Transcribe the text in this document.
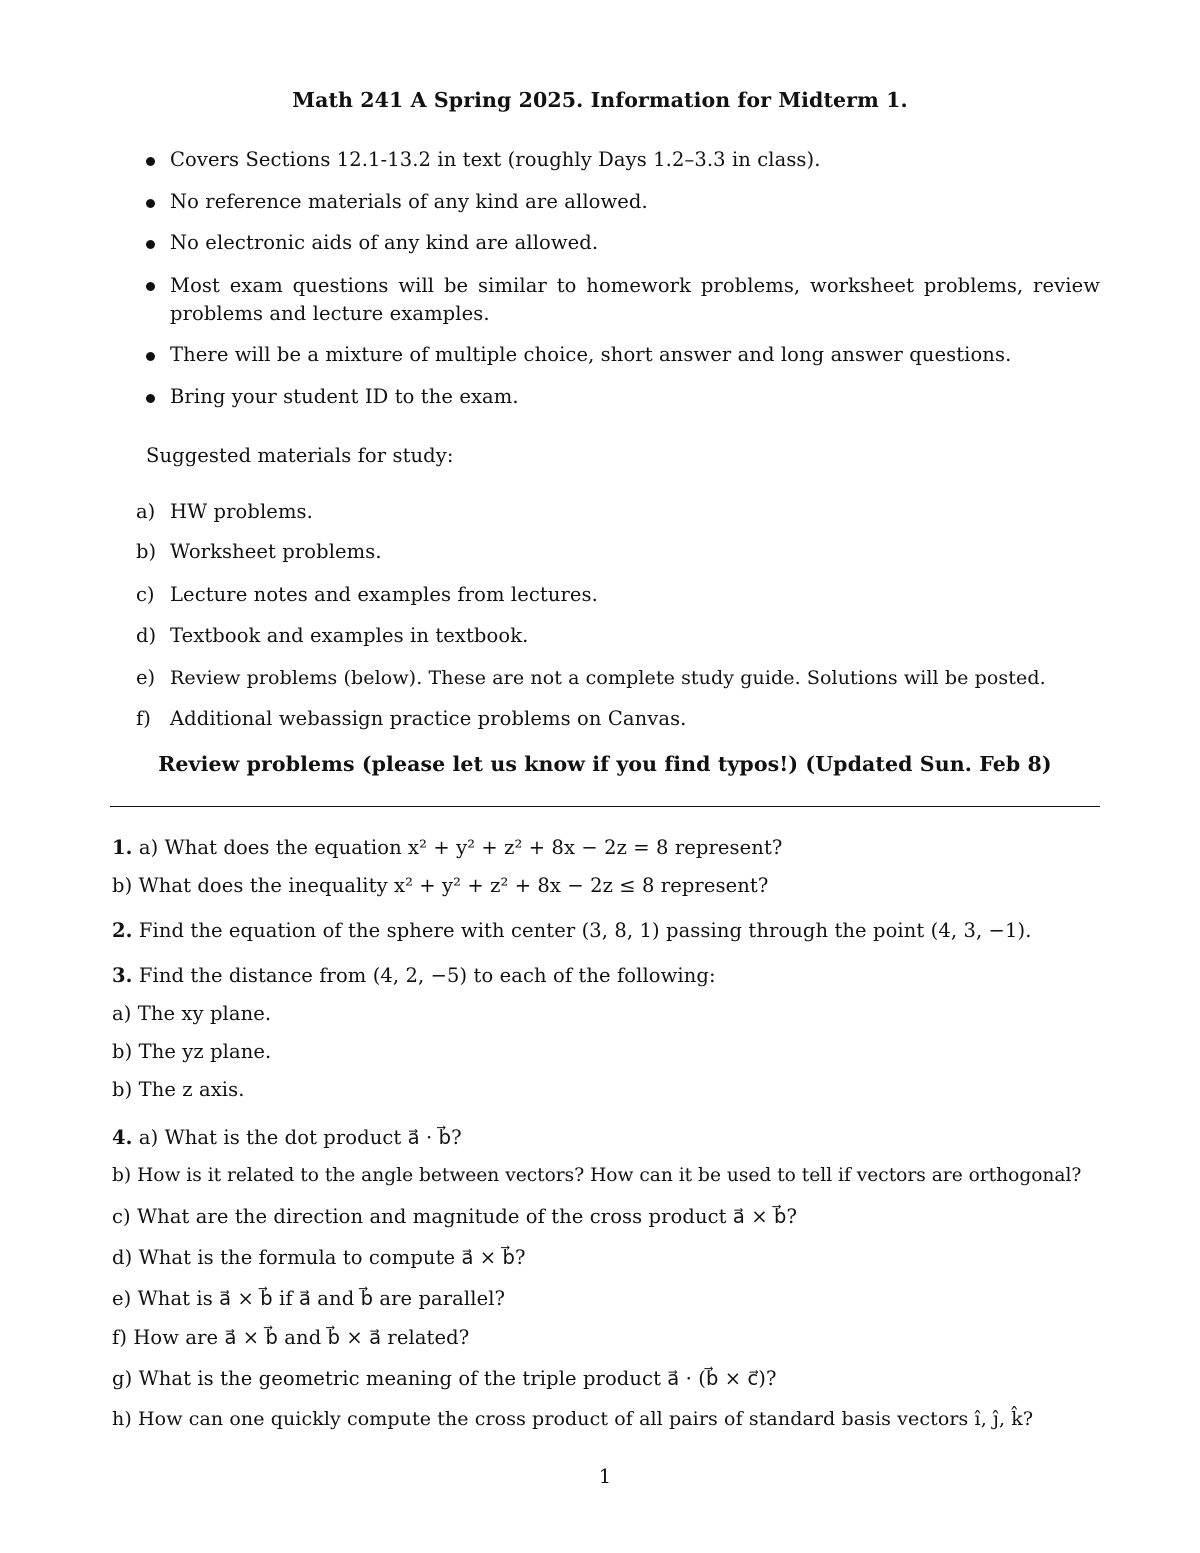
Math 241 A Spring 2025. Information for Midterm 1.
Covers Sections 12.1-13.2 in text (roughly Days 1.2–3.3 in class).
No reference materials of any kind are allowed.
No electronic aids of any kind are allowed.
Most exam questions will be similar to homework problems, worksheet problems, review problems and lecture examples.
There will be a mixture of multiple choice, short answer and long answer questions.
Bring your student ID to the exam.
Suggested materials for study:
a) HW problems.
b) Worksheet problems.
c) Lecture notes and examples from lectures.
d) Textbook and examples in textbook.
e) Review problems (below). These are not a complete study guide. Solutions will be posted.
f) Additional webassign practice problems on Canvas.
Review problems (please let us know if you find typos!) (Updated Sun. Feb 8)
1. a) What does the equation x² + y² + z² + 8x − 2z = 8 represent?
b) What does the inequality x² + y² + z² + 8x − 2z ≤ 8 represent?
2. Find the equation of the sphere with center (3, 8, 1) passing through the point (4, 3, −1).
3. Find the distance from (4, 2, −5) to each of the following:
a) The xy plane.
b) The yz plane.
b) The z axis.
4. a) What is the dot product a⃗ · b⃗?
b) How is it related to the angle between vectors? How can it be used to tell if vectors are orthogonal?
c) What are the direction and magnitude of the cross product a⃗ × b⃗?
d) What is the formula to compute a⃗ × b⃗?
e) What is a⃗ × b⃗ if a⃗ and b⃗ are parallel?
f) How are a⃗ × b⃗ and b⃗ × a⃗ related?
g) What is the geometric meaning of the triple product a⃗ · (b⃗ × c⃗)?
h) How can one quickly compute the cross product of all pairs of standard basis vectors î, ĵ, k̂?
1
